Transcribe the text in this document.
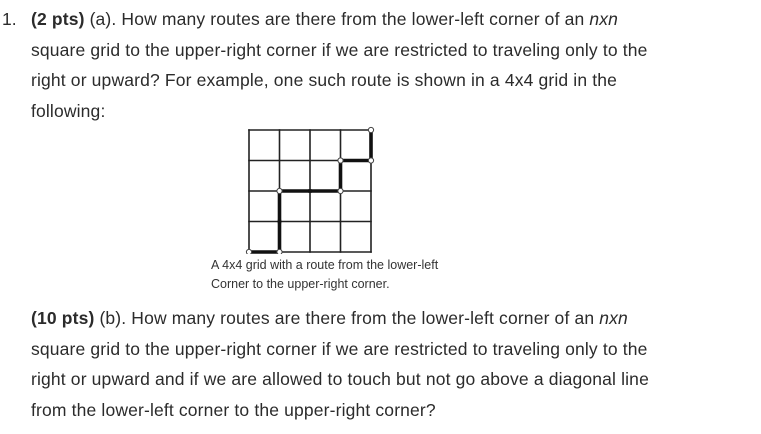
1. (2 pts) (a). How many routes are there from the lower-left corner of an nxn
square grid to the upper-right corner if we are restricted to traveling only to the
right or upward? For example, one such route is shown in a 4x4 grid in the
following:
A 4x4 grid with a route from the lower-left
Corner to the upper-right corner.
(10 pts) (b). How many routes are there from the lower-left corner of an nxn
square grid to the upper-right corner if we are restricted to traveling only to the
right or upward and if we are allowed to touch but not go above a diagonal line
from the lower-left corner to the upper-right corner?
